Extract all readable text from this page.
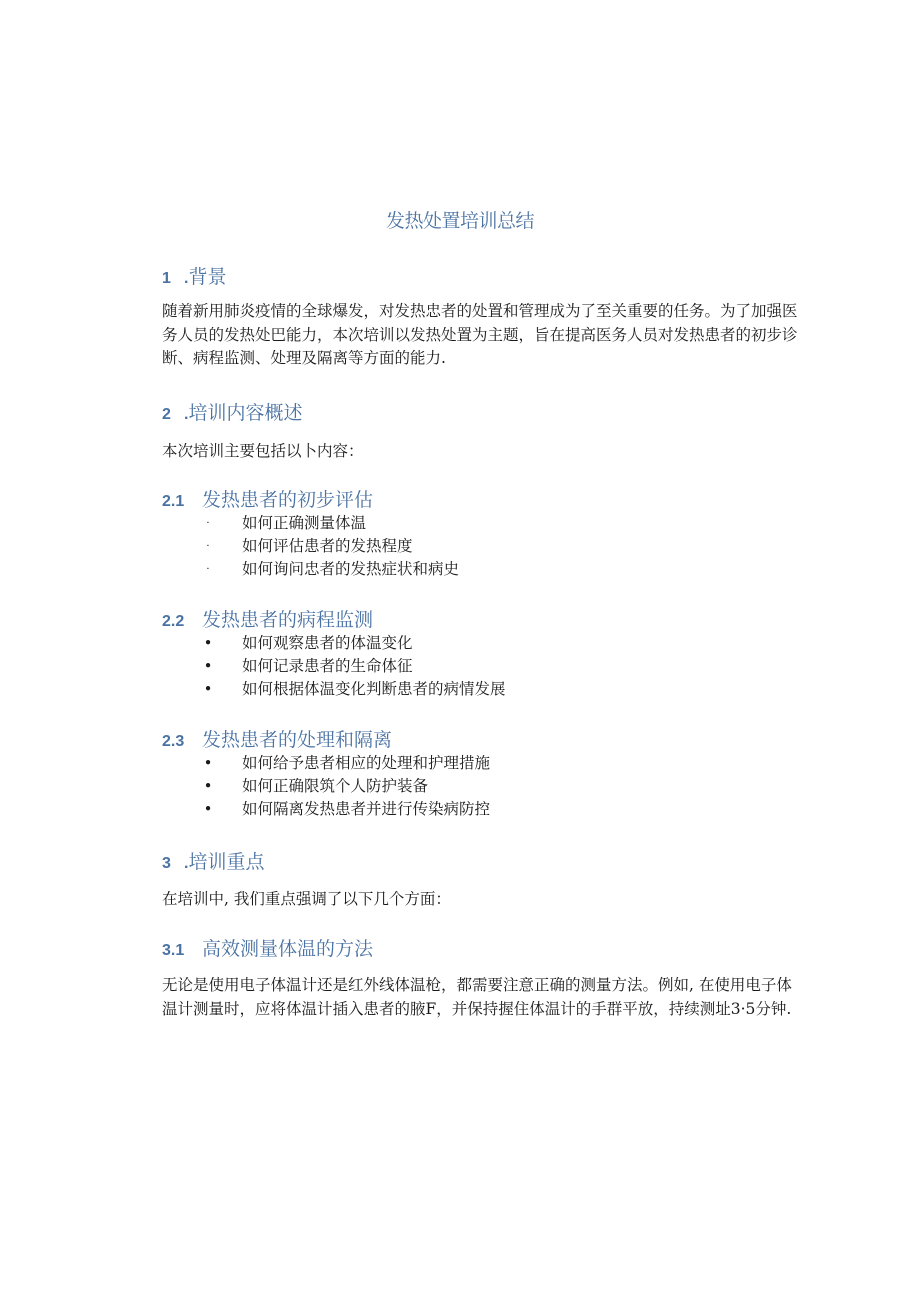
发热处置培训总结
1 .背景
随着新用肺炎疫情的全球爆发，对发热忠者的处置和管理成为了至关重要的任务。为了加强医务人员的发热处巴能力，本次培训以发热处置为主题，旨在提高医务人员对发热患者的初步诊断、病程监测、处理及隔离等方面的能力.
2 .培训内容概述
本次培训主要包括以卜内容：
2.1 发热患者的初步评估
· 如何正确测量体温
· 如何评估患者的发热程度
· 如何询问忠者的发热症状和病史
2.2 发热患者的病程监测
• 如何观察患者的体温变化
• 如何记录患者的生命体征
• 如何根据体温变化判断患者的病情发展
2.3 发热患者的处理和隔离
• 如何给予患者相应的处理和护理措施
• 如何正确限筑个人防护装备
• 如何隔离发热患者并进行传染病防控
3 .培训重点
在培训中, 我们重点强调了以下几个方面：
3.1 高效测量体温的方法
无论是使用电子体温计还是红外线体温枪，都需要注意正确的测量方法。例如, 在使用电子体温计测量时，应将体温计插入患者的腋F，并保持握住体温计的手群平放，持续测址3·5分钟.
